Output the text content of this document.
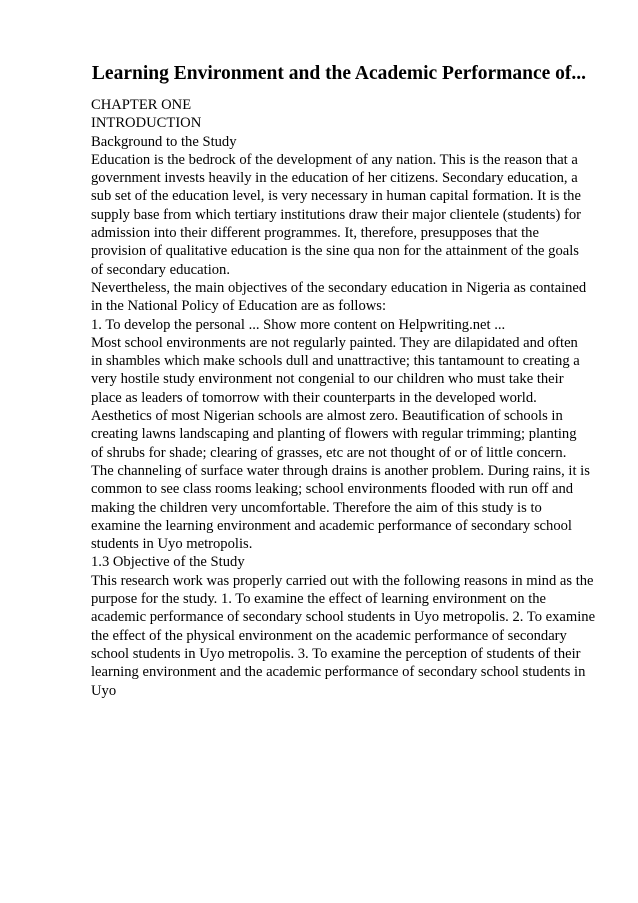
Learning Environment and the Academic Performance of...
CHAPTER ONE
INTRODUCTION
Background to the Study
Education is the bedrock of the development of any nation. This is the reason that a
government invests heavily in the education of her citizens. Secondary education, a
sub set of the education level, is very necessary in human capital formation. It is the
supply base from which tertiary institutions draw their major clientele (students) for
admission into their different programmes. It, therefore, presupposes that the
provision of qualitative education is the sine qua non for the attainment of the goals
of secondary education.
Nevertheless, the main objectives of the secondary education in Nigeria as contained
in the National Policy of Education are as follows:
1. To develop the personal ... Show more content on Helpwriting.net ...
Most school environments are not regularly painted. They are dilapidated and often
in shambles which make schools dull and unattractive; this tantamount to creating a
very hostile study environment not congenial to our children who must take their
place as leaders of tomorrow with their counterparts in the developed world.
Aesthetics of most Nigerian schools are almost zero. Beautification of schools in
creating lawns landscaping and planting of flowers with regular trimming; planting
of shrubs for shade; clearing of grasses, etc are not thought of or of little concern.
The channeling of surface water through drains is another problem. During rains, it is
common to see class rooms leaking; school environments flooded with run off and
making the children very uncomfortable. Therefore the aim of this study is to
examine the learning environment and academic performance of secondary school
students in Uyo metropolis.
1.3 Objective of the Study
This research work was properly carried out with the following reasons in mind as the
purpose for the study. 1. To examine the effect of learning environment on the
academic performance of secondary school students in Uyo metropolis. 2. To examine
the effect of the physical environment on the academic performance of secondary
school students in Uyo metropolis. 3. To examine the perception of students of their
learning environment and the academic performance of secondary school students in
Uyo
